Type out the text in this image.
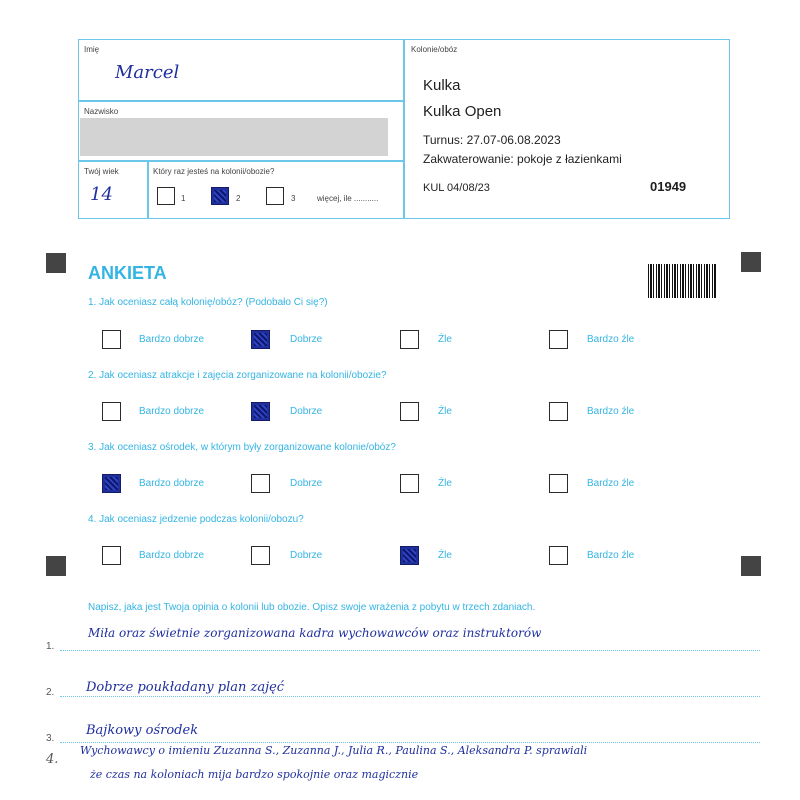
Imię
Marcel
Nazwisko
Twój wiek
14
Który raz jesteś na kolonii/obozie?
1	2	3	więcej, ile ...........
Kolonie/obóz
Kulka
Kulka Open
Turnus: 27.07-06.08.2023
Zakwaterowanie: pokoje z łazienkami
KUL 04/08/23	01949
ANKIETA
1. Jak oceniasz całą kolonię/obóz? (Podobało Ci się?)
Bardzo dobrze	Dobrze	Źle	Bardzo źle
2. Jak oceniasz atrakcje i zajęcia zorganizowane na kolonii/obozie?
Bardzo dobrze	Dobrze	Źle	Bardzo źle
3. Jak oceniasz ośrodek, w którym były zorganizowane kolonie/obóz?
Bardzo dobrze	Dobrze	Źle	Bardzo źle
4. Jak oceniasz jedzenie podczas kolonii/obozu?
Bardzo dobrze	Dobrze	Źle	Bardzo źle
Napisz, jaka jest Twoja opinia o kolonii lub obozie. Opisz swoje wrażenia z pobytu w trzech zdaniach.
1.
2.
3.
4.
Miła oraz świetnie zorganizowana kadra wychowawców oraz instruktorów
Dobrze poukładany plan zajęć
Bajkowy ośrodek
Wychowawcy o imieniu Zuzanna S., Zuzanna J., Julia R., Paulina S., Aleksandra P. sprawiali
że czas na koloniach mija bardzo spokojnie oraz magicznie
